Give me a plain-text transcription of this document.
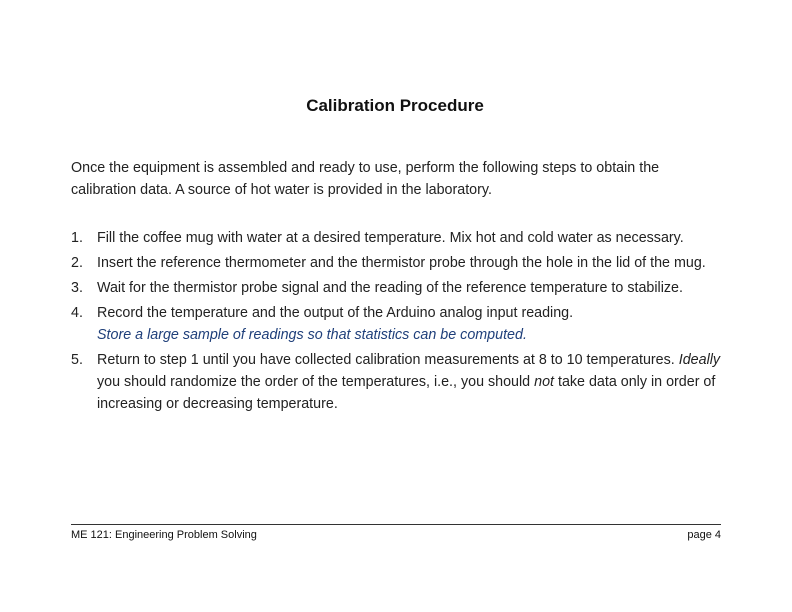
Calibration Procedure

Once the equipment is assembled and ready to use, perform the following steps to obtain the calibration data. A source of hot water is provided in the laboratory.

1. Fill the coffee mug with water at a desired temperature. Mix hot and cold water as necessary.
2. Insert the reference thermometer and the thermistor probe through the hole in the lid of the mug.
3. Wait for the thermistor probe signal and the reading of the reference temperature to stabilize.
4. Record the temperature and the output of the Arduino analog input reading.
Store a large sample of readings so that statistics can be computed.
5. Return to step 1 until you have collected calibration measurements at 8 to 10 temperatures. Ideally you should randomize the order of the temperatures, i.e., you should not take data only in order of increasing or decreasing temperature.
ME 121: Engineering Problem Solving	page 4
